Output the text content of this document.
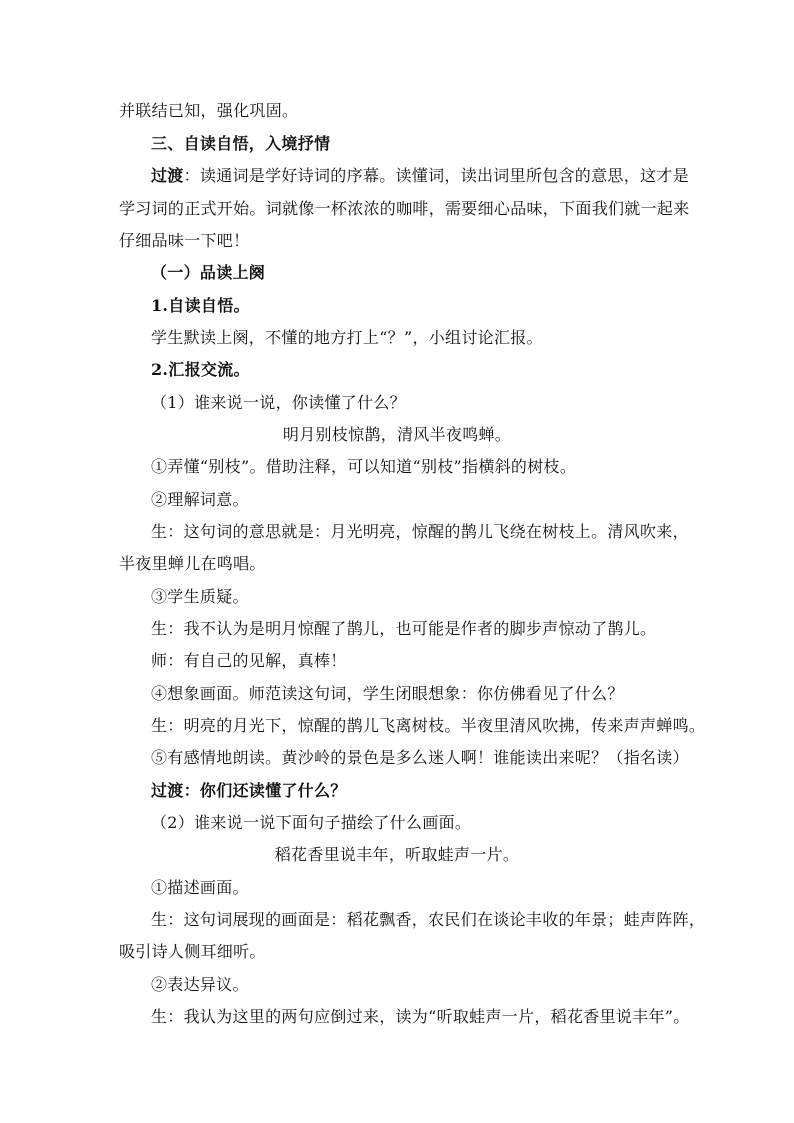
并联结已知，强化巩固。
三、自读自悟，入境抒情
过渡：读通词是学好诗词的序幕。读懂词，读出词里所包含的意思，这才是
学习词的正式开始。词就像一杯浓浓的咖啡，需要细心品味，下面我们就一起来
仔细品味一下吧！
（一）品读上阕
1.自读自悟。
学生默读上阕，不懂的地方打上“？”，小组讨论汇报。
2.汇报交流。
（1）谁来说一说，你读懂了什么？
明月别枝惊鹊，清风半夜鸣蝉。
①弄懂“别枝”。借助注释，可以知道“别枝”指横斜的树枝。
②理解词意。
生：这句词的意思就是：月光明亮，惊醒的鹊儿飞绕在树枝上。清风吹来，
半夜里蝉儿在鸣唱。
③学生质疑。
生：我不认为是明月惊醒了鹊儿，也可能是作者的脚步声惊动了鹊儿。
师：有自己的见解，真棒！
④想象画面。师范读这句词，学生闭眼想象：你仿佛看见了什么？
生：明亮的月光下，惊醒的鹊儿飞离树枝。半夜里清风吹拂，传来声声蝉鸣。
⑤有感情地朗读。黄沙岭的景色是多么迷人啊！谁能读出来呢？（指名读）
过渡：你们还读懂了什么？
（2）谁来说一说下面句子描绘了什么画面。
稻花香里说丰年，听取蛙声一片。
①描述画面。
生：这句词展现的画面是：稻花飘香，农民们在谈论丰收的年景；蛙声阵阵，
吸引诗人侧耳细听。
②表达异议。
生：我认为这里的两句应倒过来，读为“听取蛙声一片，稻花香里说丰年”。
